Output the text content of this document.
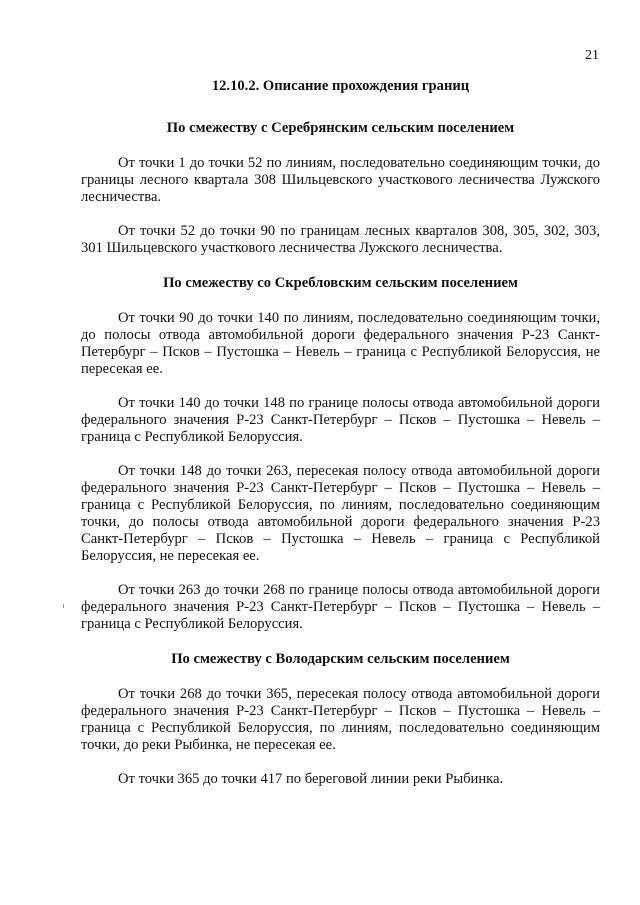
21
12.10.2. Описание прохождения границ
По смежеству с Серебрянским сельским поселением

От точки 1 до точки 52 по линиям, последовательно соединяющим точки, до границы лесного квартала 308 Шильцевского участкового лесничества Лужского лесничества.

От точки 52 до точки 90 по границам лесных кварталов 308, 305, 302, 303, 301 Шильцевского участкового лесничества Лужского лесничества.

По смежеству со Скребловским сельским поселением

От точки 90 до точки 140 по линиям, последовательно соединяющим точки, до полосы отвода автомобильной дороги федерального значения Р-23 Санкт-Петербург – Псков – Пустошка – Невель – граница с Республикой Белоруссия, не пересекая ее.

От точки 140 до точки 148 по границе полосы отвода автомобильной дороги федерального значения Р-23 Санкт-Петербург – Псков – Пустошка – Невель – граница с Республикой Белоруссия.

От точки 148 до точки 263, пересекая полосу отвода автомобильной дороги федерального значения Р-23 Санкт-Петербург – Псков – Пустошка – Невель – граница с Республикой Белоруссия, по линиям, последовательно соединяющим точки, до полосы отвода автомобильной дороги федерального значения Р-23 Санкт-Петербург – Псков – Пустошка – Невель – граница с Республикой Белоруссия, не пересекая ее.

От точки 263 до точки 268 по границе полосы отвода автомобильной дороги федерального значения Р-23 Санкт-Петербург – Псков – Пустошка – Невель – граница с Республикой Белоруссия.

По смежеству с Володарским сельским поселением

От точки 268 до точки 365, пересекая полосу отвода автомобильной дороги федерального значения Р-23 Санкт-Петербург – Псков – Пустошка – Невель – граница с Республикой Белоруссия, по линиям, последовательно соединяющим точки, до реки Рыбинка, не пересекая ее.

От точки 365 до точки 417 по береговой линии реки Рыбинка.
